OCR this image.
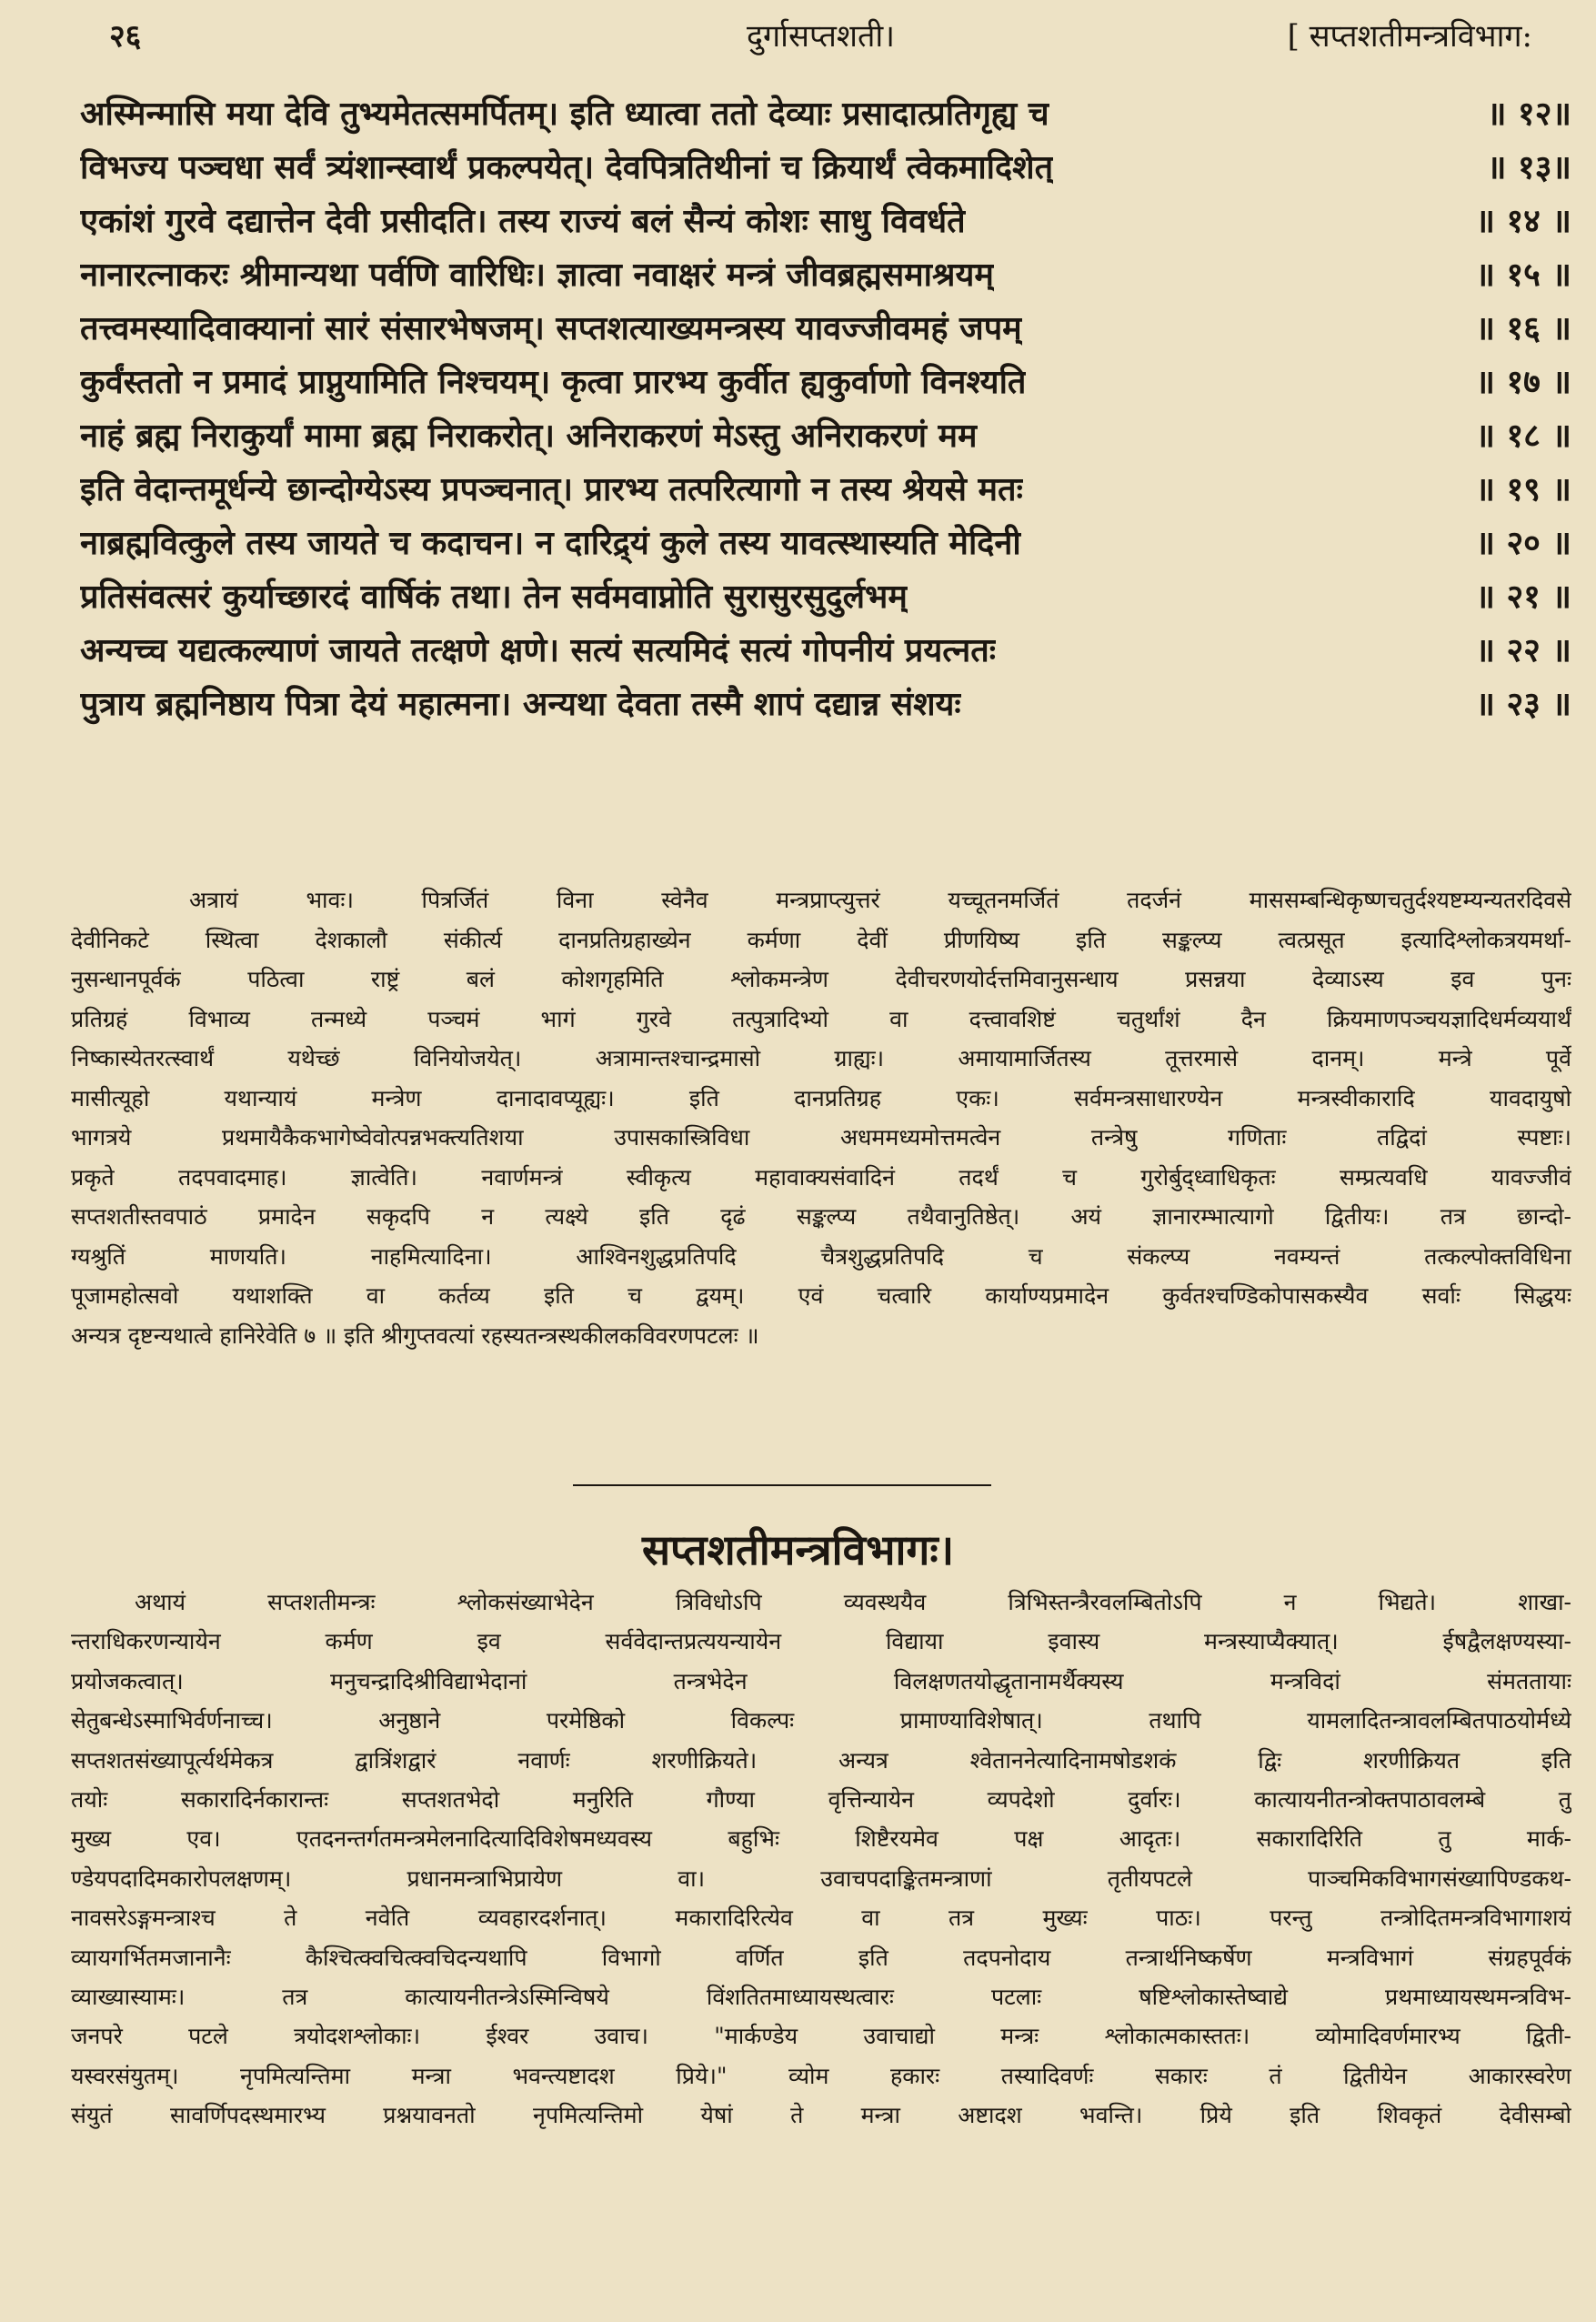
२६	दुर्गासप्तशती।	[ सप्तशतीमन्त्रविभाग:
अस्मिन्मासि मया देवि तुभ्यमेतत्समर्पितम्। इति ध्यात्वा ततो देव्याः प्रसादात्प्रतिगृह्य च	॥ १२॥
विभज्य पञ्चधा सर्वं त्र्यंशान्स्वार्थं प्रकल्पयेत्। देवपित्रतिथीनां च क्रियार्थं त्वेकमादिशेत्	॥ १३॥
एकांशं गुरवे दद्यात्तेन देवी प्रसीदति। तस्य राज्यं बलं सैन्यं कोशः साधु विवर्धते	॥ १४ ॥
नानारत्नाकरः श्रीमान्यथा पर्वणि वारिधिः। ज्ञात्वा नवाक्षरं मन्त्रं जीवब्रह्मसमाश्रयम्	॥ १५ ॥
तत्त्वमस्यादिवाक्यानां सारं संसारभेषजम्। सप्तशत्याख्यमन्त्रस्य यावज्जीवमहं जपम्	॥ १६ ॥
कुर्वंस्ततो न प्रमादं प्राप्नुयामिति निश्चयम्। कृत्वा प्रारभ्य कुर्वीत ह्यकुर्वाणो विनश्यति	॥ १७ ॥
नाहं ब्रह्म निराकुर्यां मामा ब्रह्म निराकरोत्। अनिराकरणं मेऽस्तु अनिराकरणं मम	॥ १८ ॥
इति वेदान्तमूर्धन्ये छान्दोग्येऽस्य प्रपञ्चनात्। प्रारभ्य तत्परित्यागो न तस्य श्रेयसे मतः	॥ १९ ॥
नाब्रह्मवित्कुले तस्य जायते च कदाचन। न दारिद्र्यं कुले तस्य यावत्स्थास्यति मेदिनी	॥ २० ॥
प्रतिसंवत्सरं कुर्याच्छारदं वार्षिकं तथा। तेन सर्वमवाप्नोति सुरासुरसुदुर्लभम्	॥ २१ ॥
अन्यच्च यद्यत्कल्याणं जायते तत्क्षणे क्षणे। सत्यं सत्यमिदं सत्यं गोपनीयं प्रयत्नतः	॥ २२ ॥
पुत्राय ब्रह्मनिष्ठाय पित्रा देयं महात्मना। अन्यथा देवता तस्मै शापं दद्यान्न संशयः	॥ २३ ॥
अत्रायं भावः। पित्रर्जितं विना स्वेनैव मन्त्रप्राप्त्युत्तरं यच्चूतनमर्जितं तदर्जनं माससम्बन्धिकृष्णचतुर्दश्यष्टम्यन्यतरदिवसे
देवीनिकटे स्थित्वा देशकालौ संकीर्त्य दानप्रतिग्रहाख्येन कर्मणा देवीं प्रीणयिष्य इति सङ्कल्प्य त्वत्प्रसूत इत्यादिश्लोकत्रयमर्था-
नुसन्धानपूर्वकं पठित्वा राष्ट्रं बलं कोशगृहमिति श्लोकमन्त्रेण देवीचरणयोर्दत्तमिवानुसन्धाय प्रसन्नया देव्याऽस्य इव पुनः
प्रतिग्रहं विभाव्य तन्मध्ये पञ्चमं भागं गुरवे तत्पुत्रादिभ्यो वा दत्त्वावशिष्टं चतुर्थांशं दैन क्रियमाणपञ्चयज्ञादिधर्मव्ययार्थं
निष्कास्येतरत्स्वार्थं यथेच्छं विनियोजयेत्। अत्रामान्तश्चान्द्रमासो ग्राह्यः। अमायामार्जितस्य तूत्तरमासे दानम्। मन्त्रे पूर्वे
मासीत्यूहो यथान्यायं मन्त्रेण दानादावप्यूह्यः। इति दानप्रतिग्रह एकः। सर्वमन्त्रसाधारण्येन मन्त्रस्वीकारादि यावदायुषो
भागत्रये प्रथमायैकैकभागेष्वेवोत्पन्नभक्त्यतिशया उपासकास्त्रिविधा अधममध्यमोत्तमत्वेन तन्त्रेषु गणिताः तद्विदां स्पष्टाः।
प्रकृते तदपवादमाह। ज्ञात्वेति। नवार्णमन्त्रं स्वीकृत्य महावाक्यसंवादिनं तदर्थं च गुरोर्बुद्ध्वाधिकृतः सम्प्रत्यवधि यावज्जीवं
सप्तशतीस्तवपाठं प्रमादेन सकृदपि न त्यक्ष्ये इति दृढं सङ्कल्प्य तथैवानुतिष्ठेत्। अयं ज्ञानारम्भात्यागो द्वितीयः। तत्र छान्दो-
ग्यश्रुतिं माणयति। नाहमित्यादिना। आश्विनशुद्धप्रतिपदि चैत्रशुद्धप्रतिपदि च संकल्प्य नवम्यन्तं तत्कल्पोक्तविधिना
पूजामहोत्सवो यथाशक्ति वा कर्तव्य इति च द्वयम्। एवं चत्वारि कार्याण्यप्रमादेन कुर्वतश्चण्डिकोपासकस्यैव सर्वाः सिद्धयः
अन्यत्र दृष्टन्यथात्वे हानिरेवेति ७ ॥ इति श्रीगुप्तवत्यां रहस्यतन्त्रस्थकीलकविवरणपटलः ॥
सप्तशतीमन्त्रविभागः।
अथायं सप्तशतीमन्त्रः श्लोकसंख्याभेदेन त्रिविधोऽपि व्यवस्थयैव त्रिभिस्तन्त्रैरवलम्बितोऽपि न भिद्यते। शाखा-
न्तराधिकरणन्यायेन कर्मण इव सर्ववेदान्तप्रत्ययन्यायेन विद्याया इवास्य मन्त्रस्याप्यैक्यात्। ईषद्वैलक्षण्यस्या-
प्रयोजकत्वात्। मनुचन्द्रादिश्रीविद्याभेदानां तन्त्रभेदेन विलक्षणतयोद्धृतानामर्थैक्यस्य मन्त्रविदां संमततायाः
सेतुबन्धेऽस्माभिर्वर्णनाच्च। अनुष्ठाने परमेष्ठिको विकल्पः प्रामाण्याविशेषात्। तथापि यामलादितन्त्रावलम्बितपाठयोर्मध्ये
सप्तशतसंख्यापूर्त्यर्थमेकत्र द्वात्रिंशद्वारं नवार्णः शरणीक्रियते। अन्यत्र श्वेताननेत्यादिनामषोडशकं द्विः शरणीक्रियत इति
तयोः सकारादिर्नकारान्तः सप्तशतभेदो मनुरिति गौण्या वृत्तिन्यायेन व्यपदेशो दुर्वारः। कात्यायनीतन्त्रोक्तपाठावलम्बे तु
मुख्य एव। एतदनन्तर्गतमन्त्रमेलनादित्यादिविशेषमध्यवस्य बहुभिः शिष्टैरयमेव पक्ष आदृतः। सकारादिरिति तु मार्क-
ण्डेयपदादिमकारोपलक्षणम्। प्रधानमन्त्राभिप्रायेण वा। उवाचपदाङ्कितमन्त्राणां तृतीयपटले पाञ्चमिकविभागसंख्यापिण्डकथ-
नावसरेऽङ्गमन्त्राश्च ते नवेति व्यवहारदर्शनात्। मकारादिरित्येव वा तत्र मुख्यः पाठः। परन्तु तन्त्रोदितमन्त्रविभागाशयं
व्यायगर्भितमजानानैः कैश्चित्क्वचित्क्वचिदन्यथापि विभागो वर्णित इति तदपनोदाय तन्त्रार्थनिष्कर्षेण मन्त्रविभागं संग्रहपूर्वकं
व्याख्यास्यामः। तत्र कात्यायनीतन्त्रेऽस्मिन्विषये विंशतितमाध्यायस्थत्वारः पटलाः षष्टिश्लोकास्तेष्वाद्ये प्रथमाध्यायस्थमन्त्रविभ-
जनपरे पटले त्रयोदशश्लोकाः। ईश्वर उवाच। "मार्कण्डेय उवाचाद्यो मन्त्रः श्लोकात्मकास्ततः। व्योमादिवर्णमारभ्य द्विती-
यस्वरसंयुतम्। नृपमित्यन्तिमा मन्त्रा भवन्त्यष्टादश प्रिये।" व्योम हकारः तस्यादिवर्णः सकारः तं द्वितीयेन आकारस्वरेण
संयुतं सावर्णिपदस्थमारभ्य प्रश्नयावनतो नृपमित्यन्तिमो येषां ते मन्त्रा अष्टादश भवन्ति। प्रिये इति शिवकृतं देवीसम्बो
